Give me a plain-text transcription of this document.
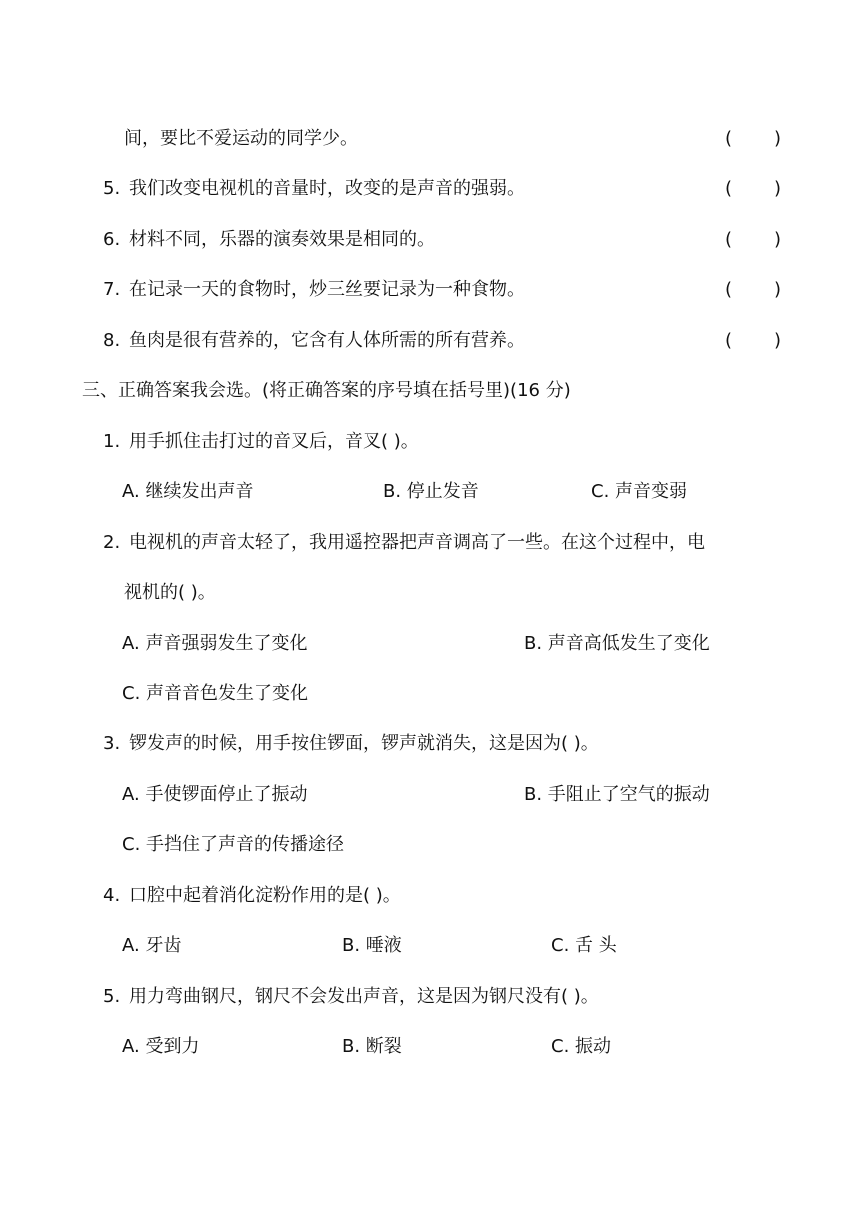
间，要比不爱运动的同学少。	( )
5. 我们改变电视机的音量时，改变的是声音的强弱。	( )
6. 材料不同，乐器的演奏效果是相同的。	( )
7. 在记录一天的食物时，炒三丝要记录为一种食物。	( )
8. 鱼肉是很有营养的，它含有人体所需的所有营养。	( )
三、正确答案我会选。(将正确答案的序号填在括号里)(16 分)
1. 用手抓住击打过的音叉后，音叉( )。
A. 继续发出声音	B. 停止发音	C. 声音变弱
2. 电视机的声音太轻了，我用遥控器把声音调高了一些。在这个过程中，电
视机的( )。
A. 声音强弱发生了变化	B. 声音高低发生了变化
C. 声音音色发生了变化
3. 锣发声的时候，用手按住锣面，锣声就消失，这是因为( )。
A. 手使锣面停止了振动	B. 手阻止了空气的振动
C. 手挡住了声音的传播途径
4. 口腔中起着消化淀粉作用的是( )。
A. 牙齿	B. 唾液	C. 舌 头
5. 用力弯曲钢尺，钢尺不会发出声音，这是因为钢尺没有( )。
A. 受到力	B. 断裂	C. 振动
